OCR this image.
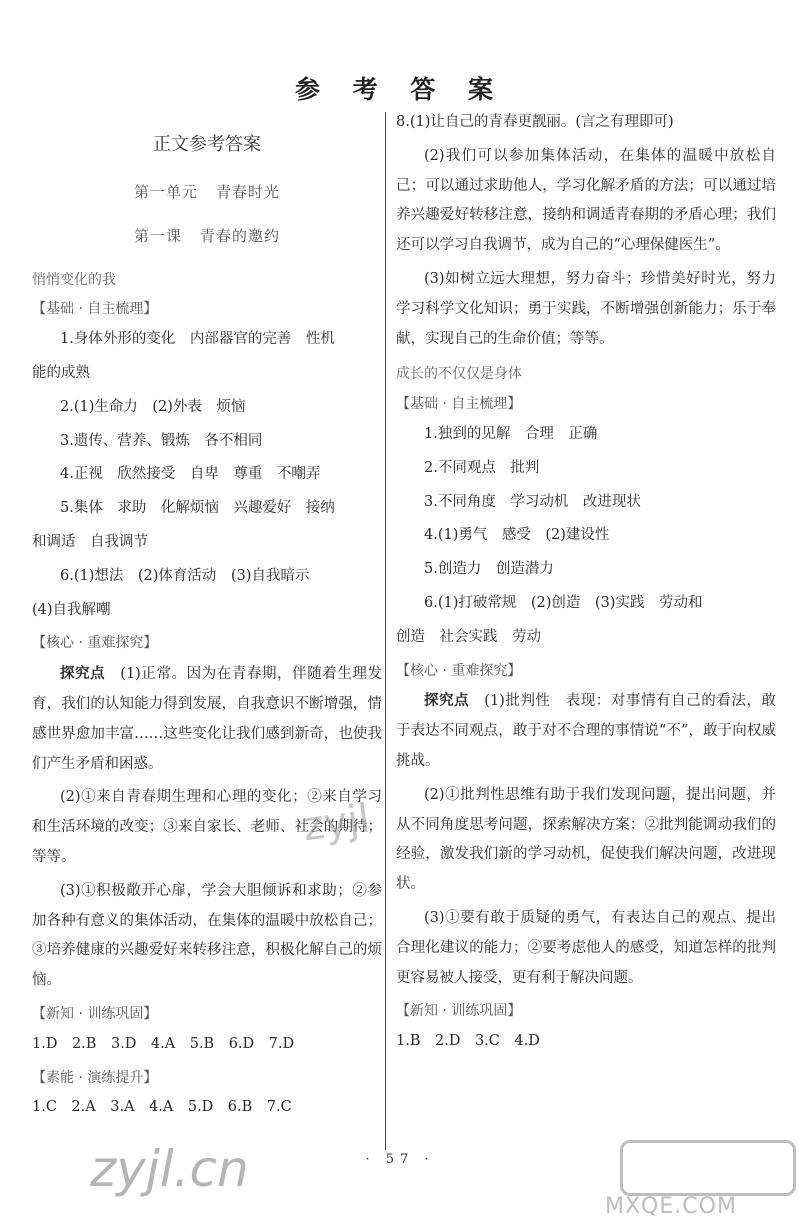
参 考 答 案
正文参考答案
第一单元 青春时光
第一课 青春的邀约
悄悄变化的我
【基础 · 自主梳理】

1.身体外形的变化　内部器官的完善　性机

能的成熟

2.(1)生命力　(2)外表　烦恼

3.遗传、营养、锻炼　各不相同

4.正视　欣然接受　自卑　尊重　不嘲弄

5.集体　求助　化解烦恼　兴趣爱好　接纳

和调适　自我调节

6.(1)想法　(2)体育活动　(3)自我暗示

(4)自我解嘲

【核心 · 重难探究】

探究点　 (1)正常。因为在青春期，伴随着生理发育，我们的认知能力得到发展，自我意识不断增强，情感世界愈加丰富……这些变化让我们感到新奇，也使我们产生矛盾和困惑。

(2)①来自青春期生理和心理的变化；②来自学习和生活环境的改变；③来自家长、老师、社会的期待；等等。

(3)①积极敞开心扉，学会大胆倾诉和求助；②参加各种有意义的集体活动，在集体的温暖中放松自己；③培养健康的兴趣爱好来转移注意，积极化解自己的烦恼。

【新知 · 训练巩固】

1.D　2.B　3.D　4.A　5.B　6.D　7.D

【素能 · 演练提升】

1.C　2.A　3.A　4.A　5.D　6.B　7.C

8.(1)让自己的青春更靓丽。(言之有理即可)

(2)我们可以参加集体活动，在集体的温暖中放松自己；可以通过求助他人，学习化解矛盾的方法；可以通过培养兴趣爱好转移注意，接纳和调适青春期的矛盾心理；我们还可以学习自我调节，成为自己的“心理保健医生”。

(3)如树立远大理想，努力奋斗；珍惜美好时光，努力学习科学文化知识；勇于实践，不断增强创新能力；乐于奉献，实现自己的生命价值；等等。

成长的不仅仅是身体
【基础 · 自主梳理】

1.独到的见解　合理　正确

2.不同观点　批判

3.不同角度　学习动机　改进现状

4.(1)勇气　感受　(2)建设性

5.创造力　创造潜力

6.(1)打破常规　(2)创造　(3)实践　劳动和

创造　社会实践　劳动

【核心 · 重难探究】

探究点　 (1)批判性　表现：对事情有自己的看法，敢于表达不同观点，敢于对不合理的事情说“不”，敢于向权威挑战。

(2)①批判性思维有助于我们发现问题，提出问题，并从不同角度思考问题，探索解决方案；②批判能调动我们的经验，激发我们新的学习动机，促使我们解决问题，改进现状。

(3)①要有敢于质疑的勇气，有表达自己的观点、提出合理化建议的能力；②要考虑他人的感受，知道怎样的批判更容易被人接受，更有利于解决问题。

【新知 · 训练巩固】

1.B　2.D　3.C　4.D

· 57 ·
zyjl
zyjl.cn
MXQE.COM
